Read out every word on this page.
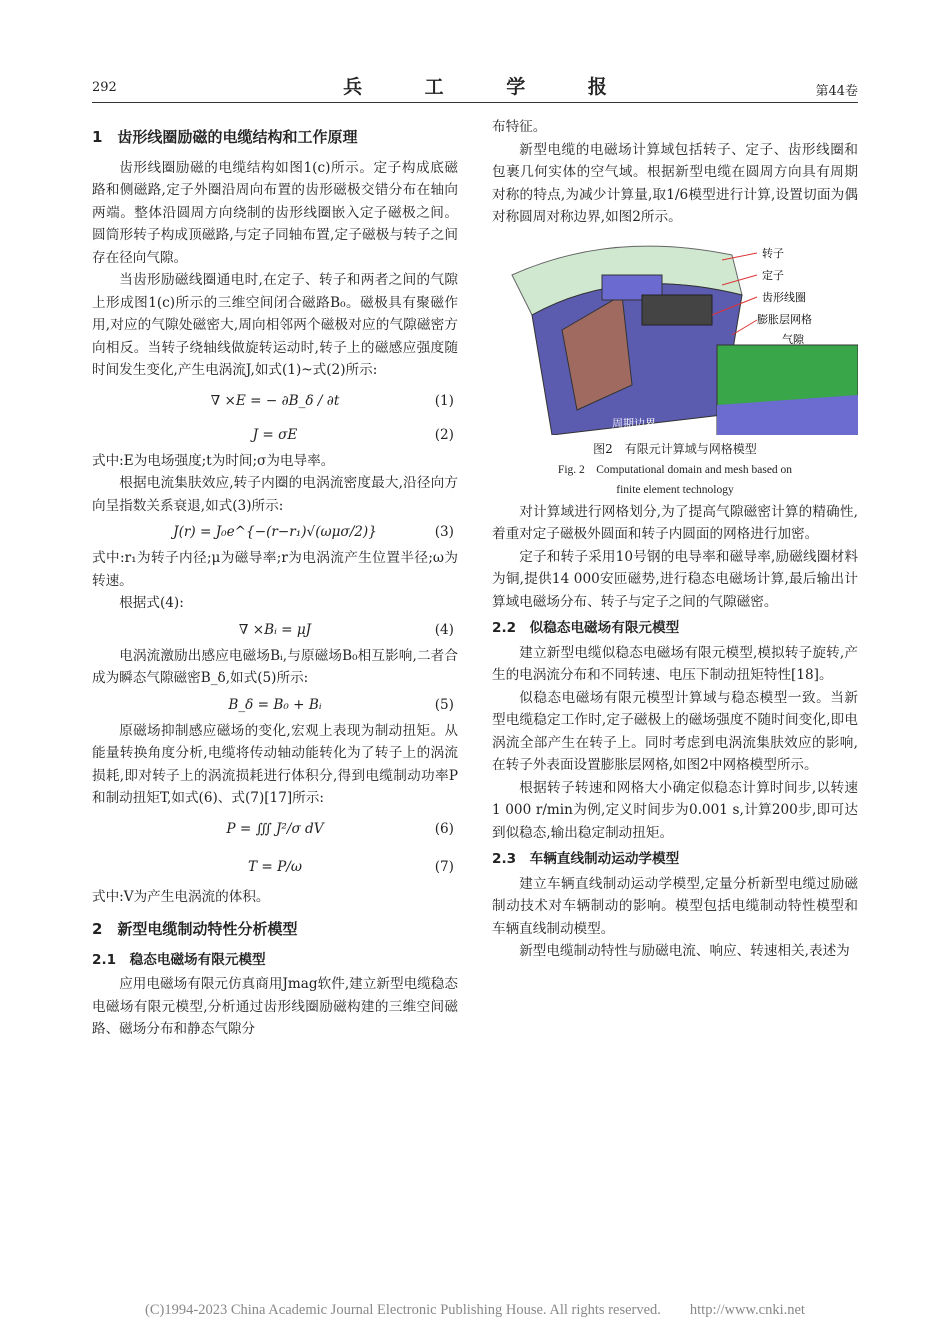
292	兵 工 学 报	第44卷
1　齿形线圈励磁的电缆结构和工作原理

齿形线圈励磁的电缆结构如图1(c)所示。定子构成底磁路和侧磁路,定子外圈沿周向布置的齿形磁极交错分布在轴向两端。整体沿圆周方向绕制的齿形线圈嵌入定子磁极之间。圆筒形转子构成顶磁路,与定子同轴布置,定子磁极与转子之间存在径向气隙。

当齿形励磁线圈通电时,在定子、转子和两者之间的气隙上形成图1(c)所示的三维空间闭合磁路B₀。磁极具有聚磁作用,对应的气隙处磁密大,周向相邻两个磁极对应的气隙磁密方向相反。当转子绕轴线做旋转运动时,转子上的磁感应强度随时间发生变化,产生电涡流J,如式(1)~式(2)所示:

∇ ×E = − ∂B_δ / ∂t	(1)
J = σE	(2)

式中:E为电场强度;t为时间;σ为电导率。

根据电流集肤效应,转子内圈的电涡流密度最大,沿径向方向呈指数关系衰退,如式(3)所示:

J(r) = J₀e^{−(r−r₁)√(ωμσ/2)}	(3)

式中:r₁为转子内径;μ为磁导率;r为电涡流产生位置半径;ω为转速。

根据式(4):

∇ ×Bᵢ = μJ	(4)

电涡流激励出感应电磁场Bᵢ,与原磁场B₀相互影响,二者合成为瞬态气隙磁密B_δ,如式(5)所示:

B_δ = B₀ + Bᵢ	(5)

原磁场抑制感应磁场的变化,宏观上表现为制动扭矩。从能量转换角度分析,电缆将传动轴动能转化为了转子上的涡流损耗,即对转子上的涡流损耗进行体积分,得到电缆制动功率P和制动扭矩T,如式(6)、式(7)[17]所示:

P = ∭ J²/σ dV	(6)
T = P/ω	(7)

式中:V为产生电涡流的体积。

2　新型电缆制动特性分析模型
2.1　稳态电磁场有限元模型

应用电磁场有限元仿真商用Jmag软件,建立新型电缆稳态电磁场有限元模型,分析通过齿形线圈励磁构建的三维空间磁路、磁场分布和静态气隙分

布特征。

新型电缆的电磁场计算域包括转子、定子、齿形线圈和包裹几何实体的空气域。根据新型电缆在圆周方向具有周期对称的特点,为减少计算量,取1/6模型进行计算,设置切面为偶对称圆周对称边界,如图2所示。

转子
定子
齿形线圈
膨胀层网格
气隙
周期边界
图2　有限元计算域与网格模型
Fig. 2　Computational domain and mesh based on
finite element technology

对计算域进行网格划分,为了提高气隙磁密计算的精确性,着重对定子磁极外圆面和转子内圆面的网格进行加密。

定子和转子采用10号钢的电导率和磁导率,励磁线圈材料为铜,提供14 000安匝磁势,进行稳态电磁场计算,最后输出计算域电磁场分布、转子与定子之间的气隙磁密。

2.2　似稳态电磁场有限元模型

建立新型电缆似稳态电磁场有限元模型,模拟转子旋转,产生的电涡流分布和不同转速、电压下制动扭矩特性[18]。

似稳态电磁场有限元模型计算域与稳态模型一致。当新型电缆稳定工作时,定子磁极上的磁场强度不随时间变化,即电涡流全部产生在转子上。同时考虑到电涡流集肤效应的影响,在转子外表面设置膨胀层网格,如图2中网格模型所示。

根据转子转速和网格大小确定似稳态计算时间步,以转速1 000 r/min为例,定义时间步为0.001 s,计算200步,即可达到似稳态,输出稳定制动扭矩。

2.3　车辆直线制动运动学模型

建立车辆直线制动运动学模型,定量分析新型电缆过励磁制动技术对车辆制动的影响。模型包括电缆制动特性模型和车辆直线制动模型。

新型电缆制动特性与励磁电流、响应、转速相关,表述为

(C)1994-2023 China Academic Journal Electronic Publishing House. All rights reserved.　　http://www.cnki.net
